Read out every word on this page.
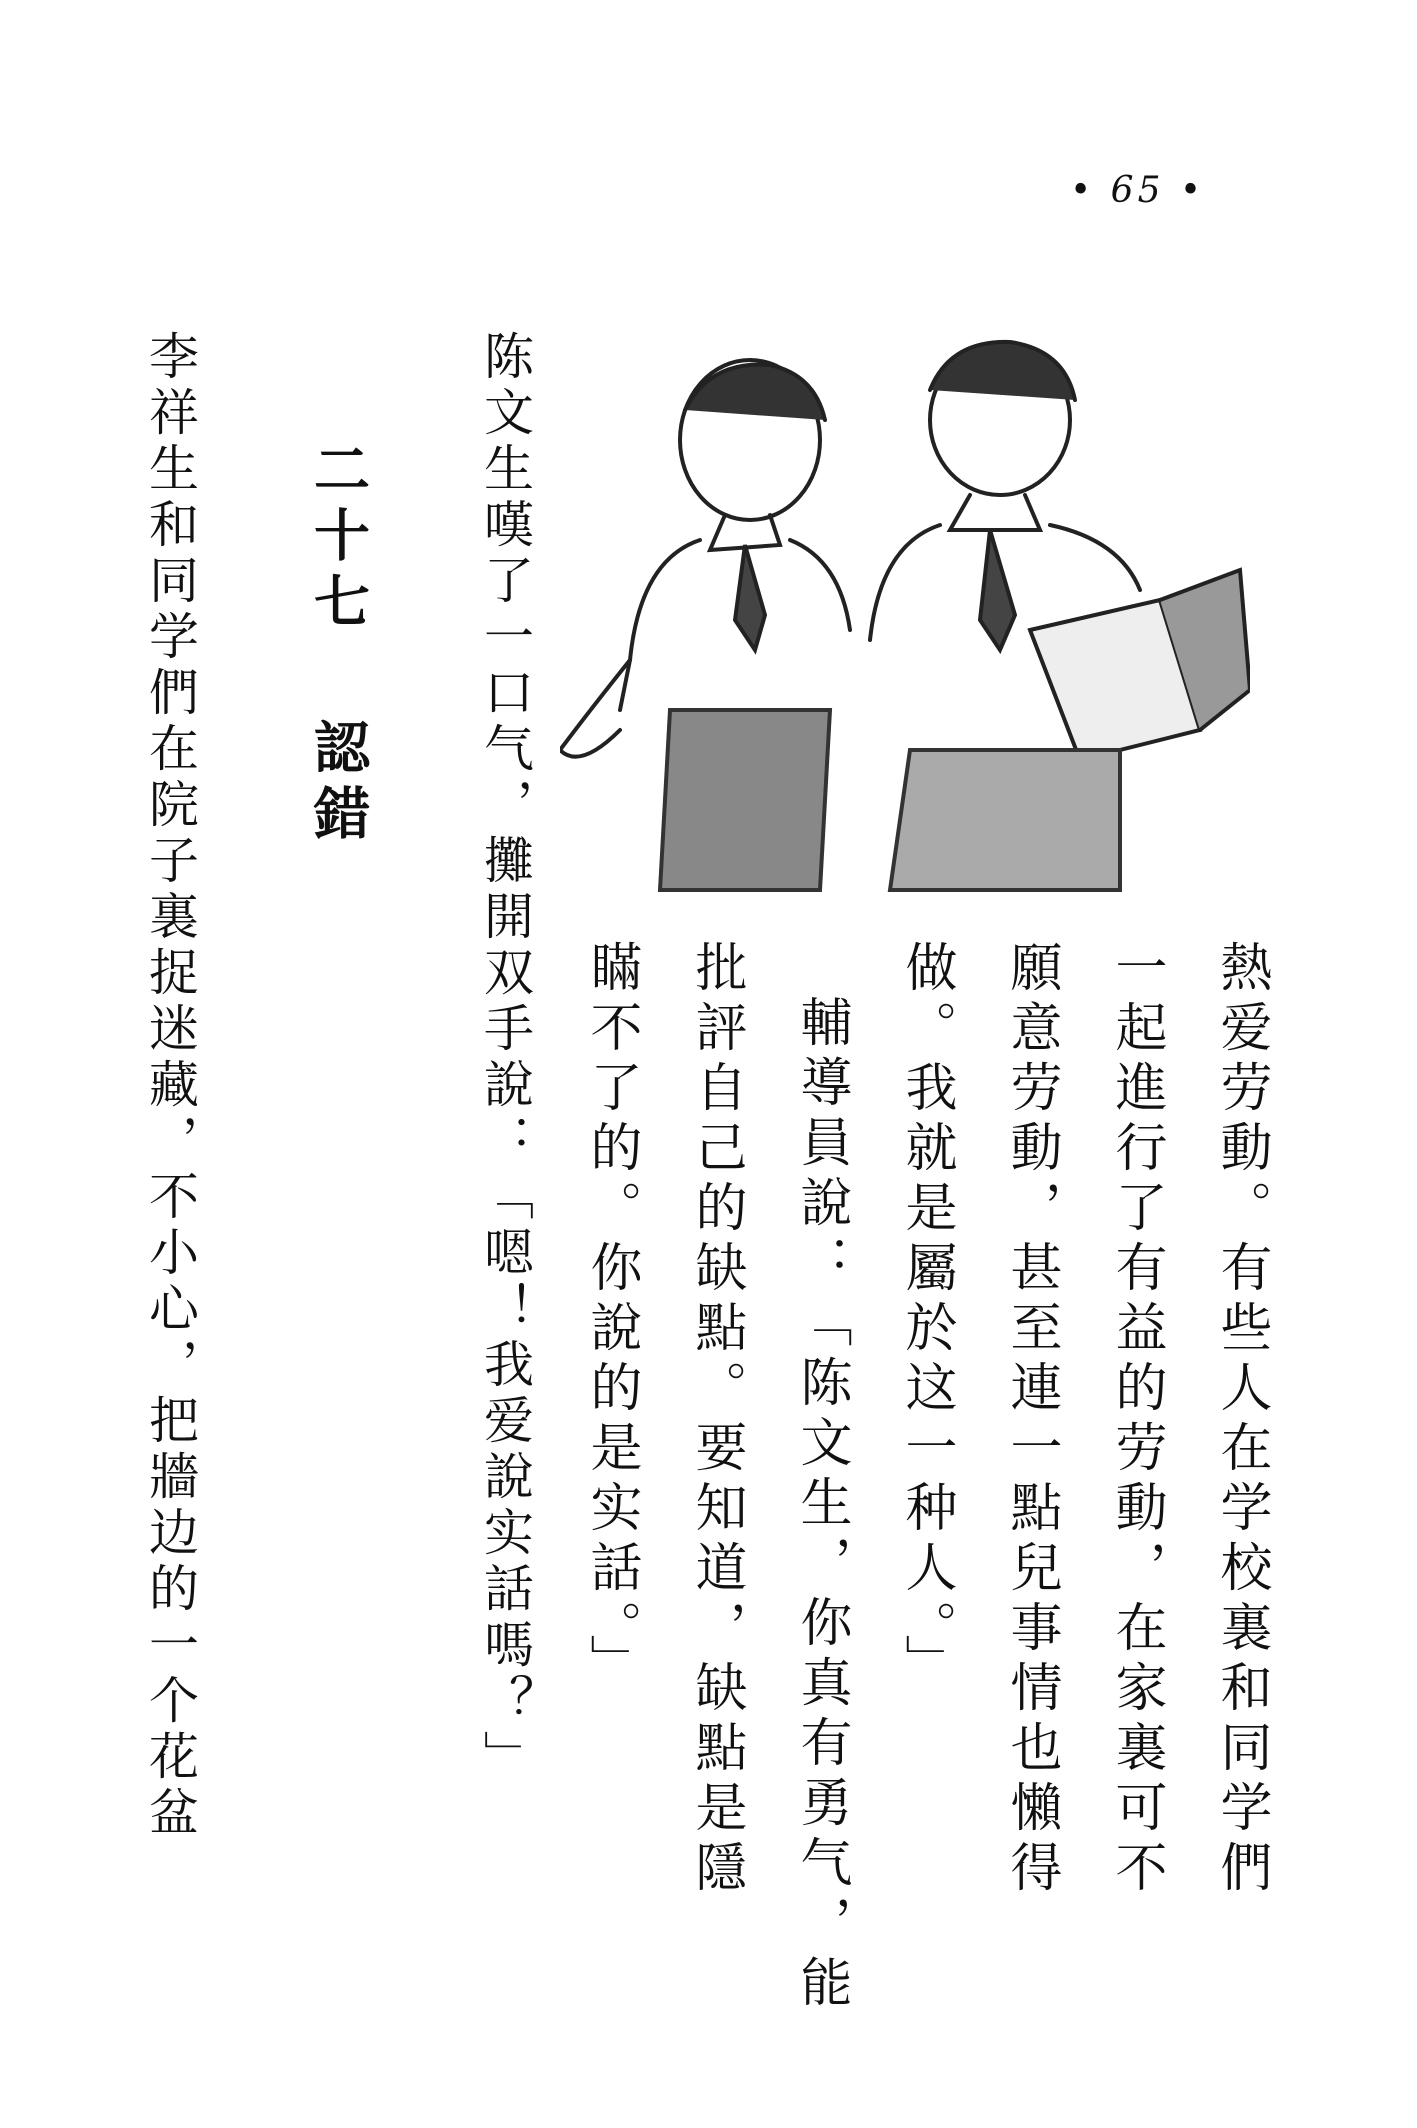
• 65 •
熱爱劳動。有些人在学校裏和同学們
一起進行了有益的劳動，在家裏可不
願意劳動，甚至連一點兒事情也懶得
做。我就是屬於这一种人。」
輔導員說：「陈文生，你真有勇气，能
批評自己的缺點。要知道，缺點是隱
瞞不了的。你說的是实話。」
陈文生嘆了一口气，攤開双手說：「嗯！我爱說实話嗎？」
二十七認錯
李祥生和同学們在院子裏捉迷藏，不小心，把牆边的一个花盆
